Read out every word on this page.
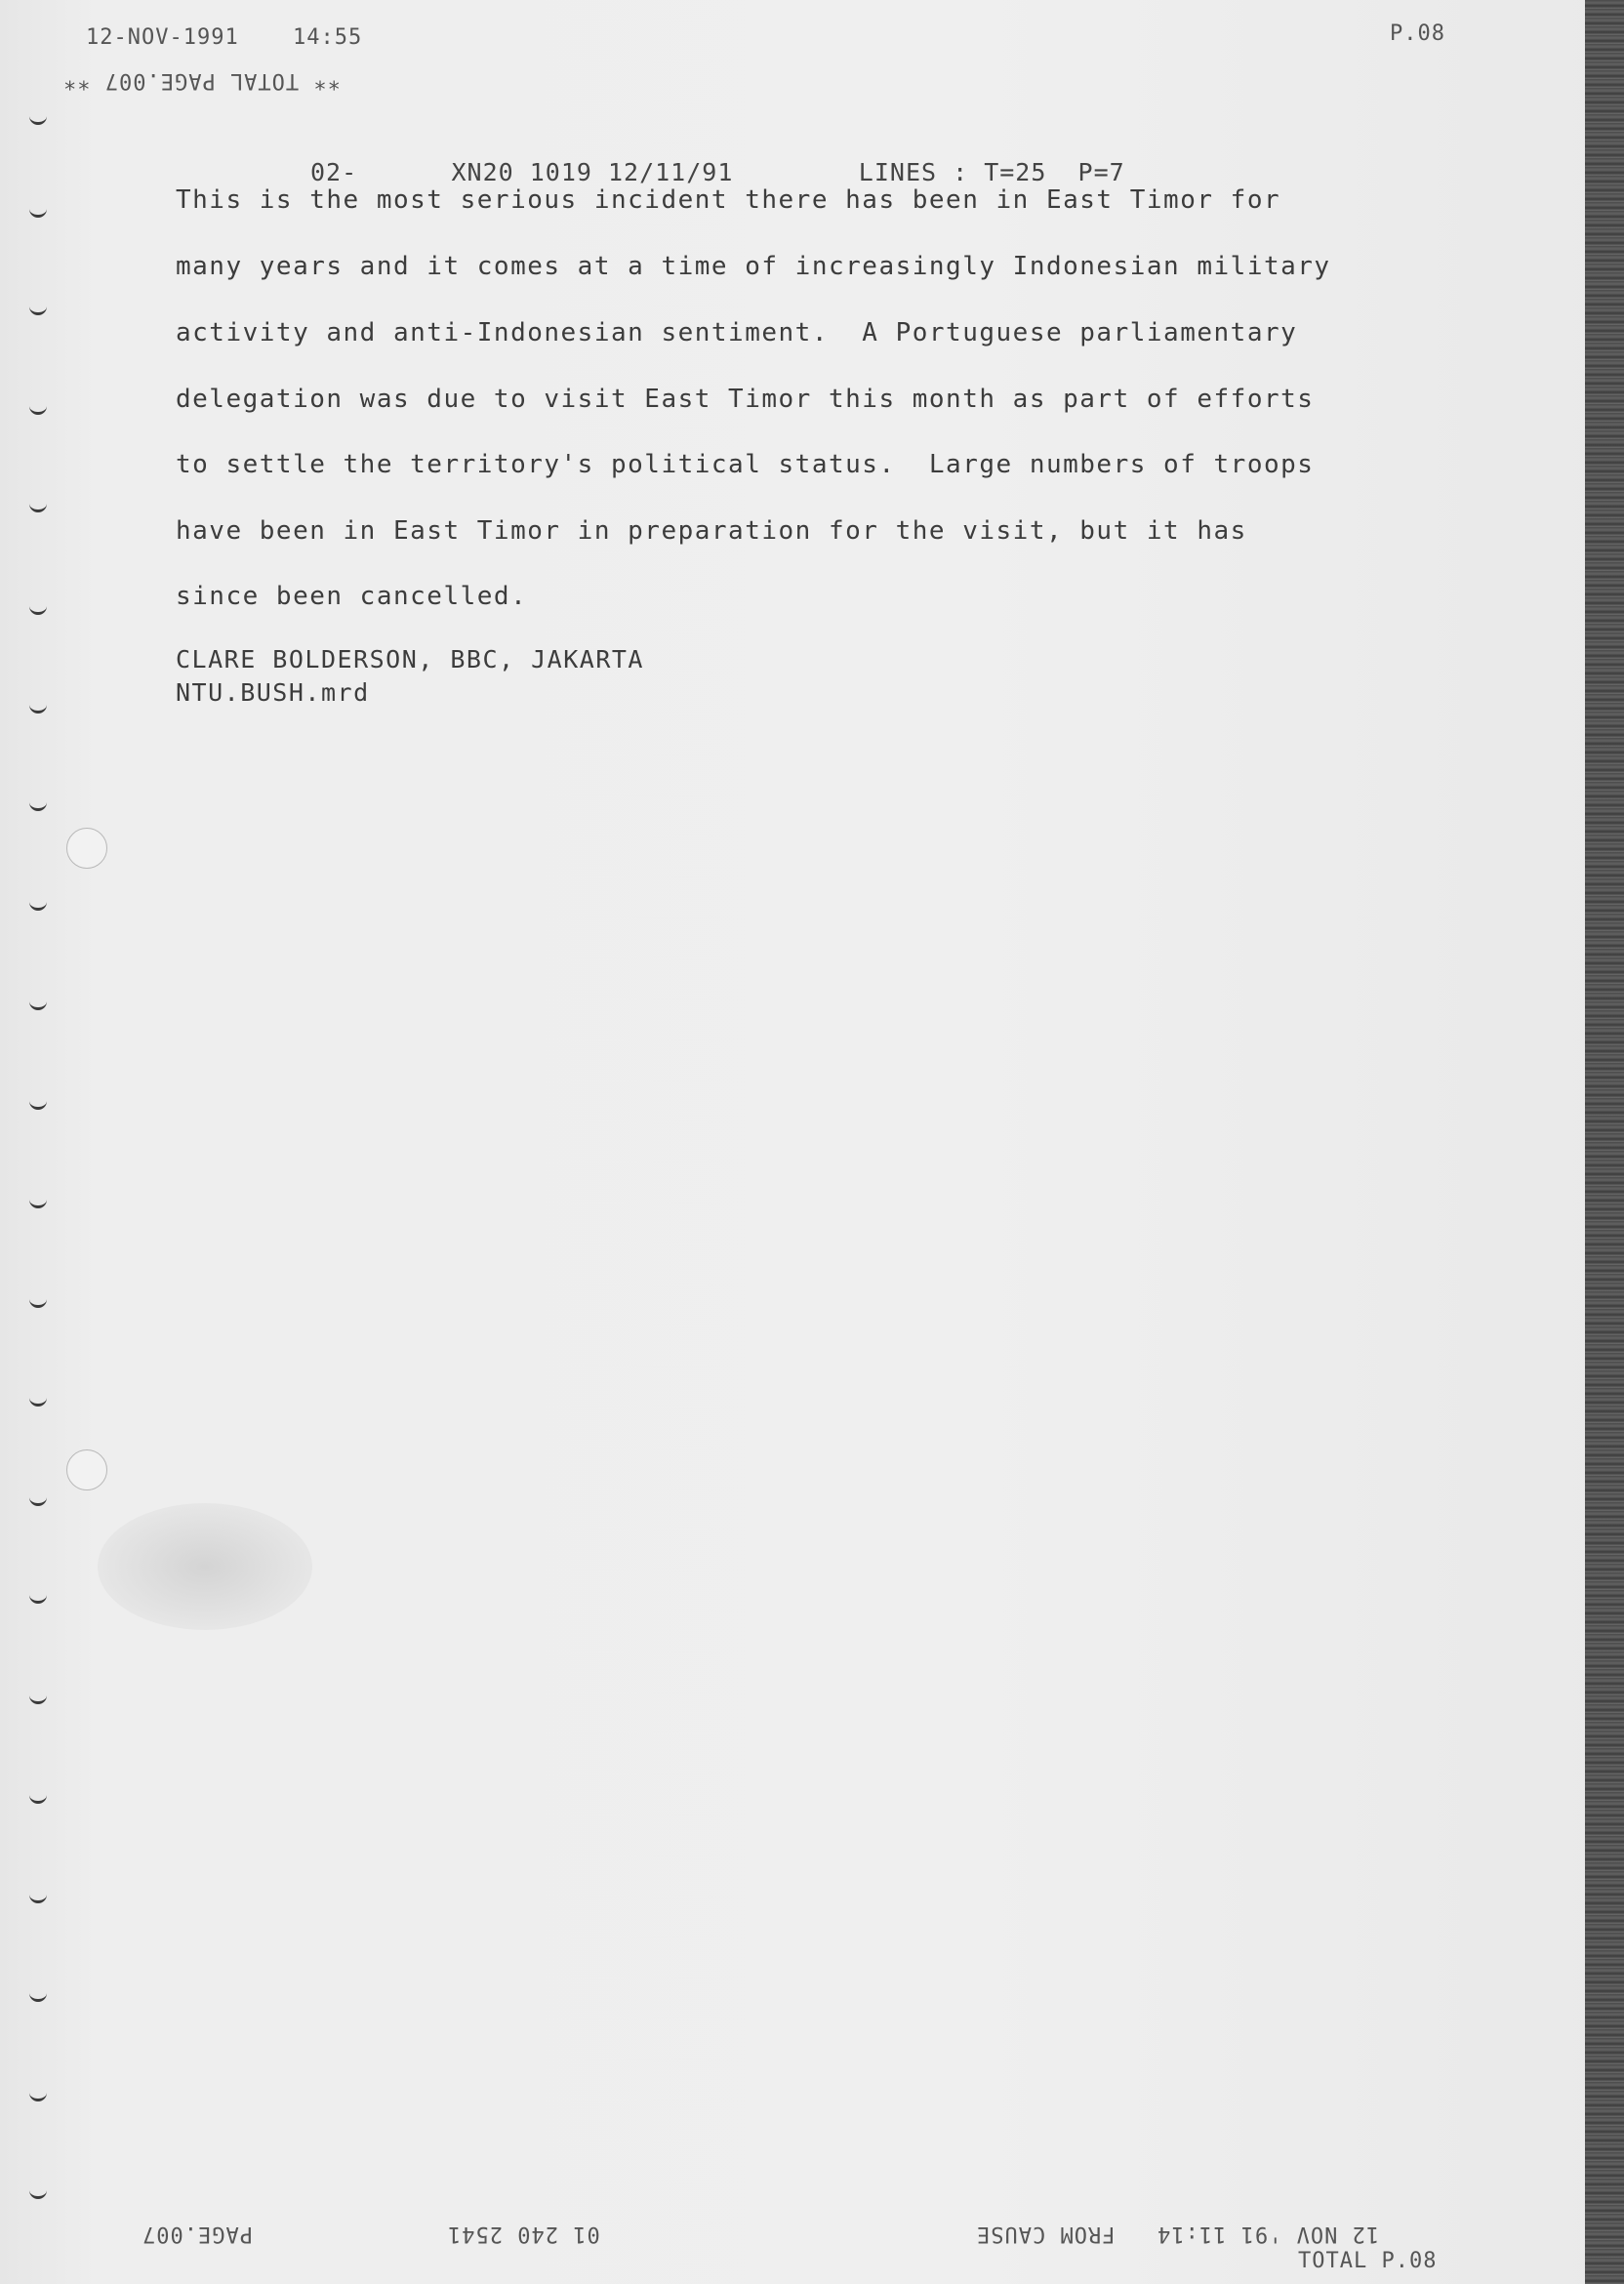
12-NOV-1991	14:55	P.08
** TOTAL PAGE.007 **
02-      XN20 1019 12/11/91        LINES : T=25  P=7
This is the most serious incident there has been in East Timor for
many years and it comes at a time of increasingly Indonesian military
activity and anti-Indonesian sentiment.  A Portuguese parliamentary
delegation was due to visit East Timor this month as part of efforts
to settle the territory's political status.  Large numbers of troops
have been in East Timor in preparation for the visit, but it has
since been cancelled.
CLARE BOLDERSON, BBC, JAKARTA
NTU.BUSH.mrd
PAGE.007	01 240 2541	12 NOV '91 11:14   FROM CAUSE
TOTAL P.08
